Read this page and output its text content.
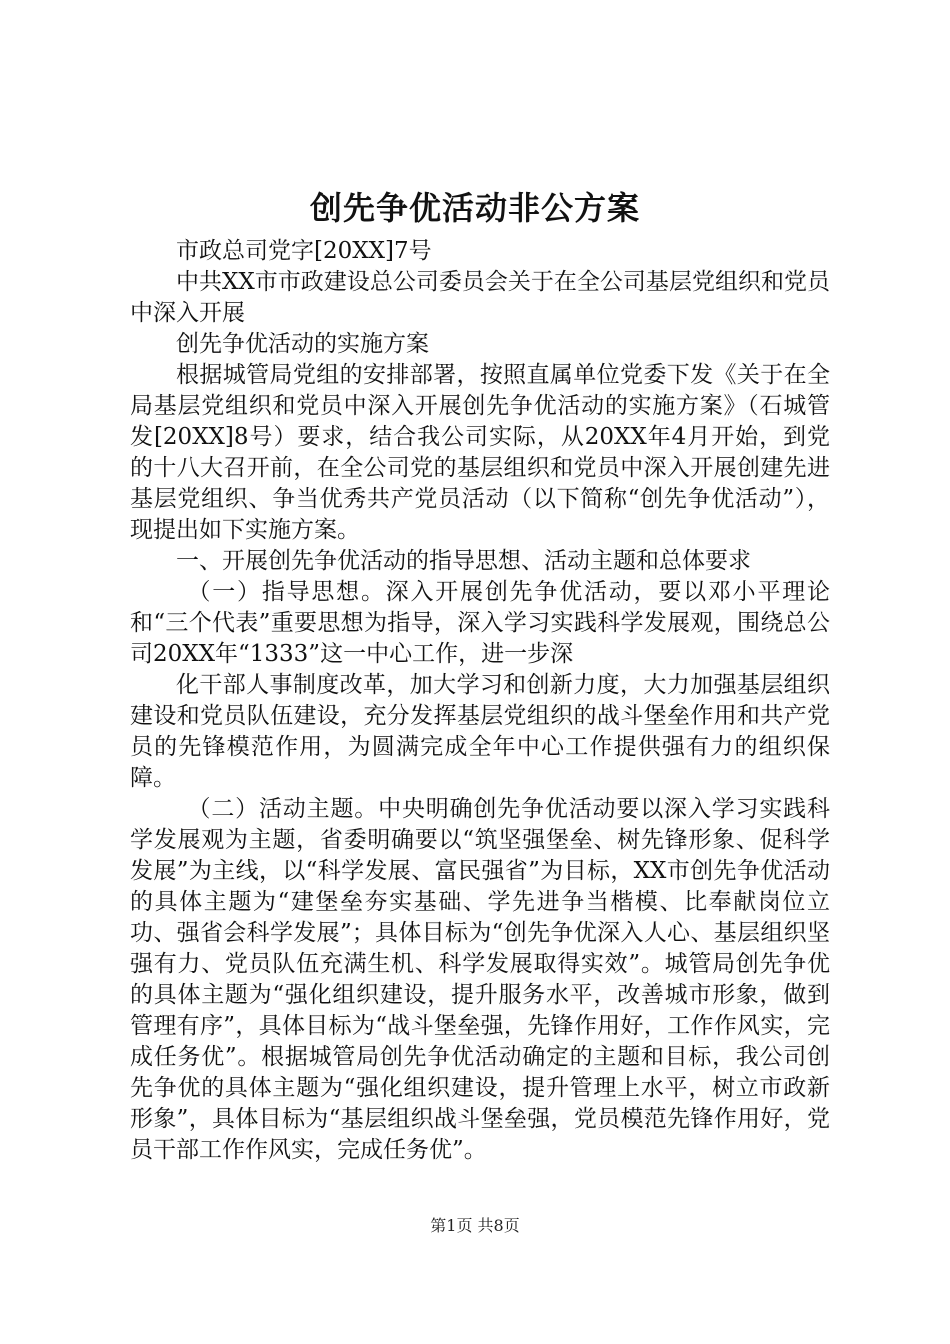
创先争优活动非公方案

市政总司党字[20XX]7号

中共XX市市政建设总公司委员会关于在全公司基层党组织和党员中深入开展

创先争优活动的实施方案

根据城管局党组的安排部署，按照直属单位党委下发《关于在全局基层党组织和党员中深入开展创先争优活动的实施方案》（石城管发[20XX]8号）要求，结合我公司实际，从20XX年4月开始，到党的十八大召开前，在全公司党的基层组织和党员中深入开展创建先进基层党组织、争当优秀共产党员活动（以下简称“创先争优活动”），现提出如下实施方案。

一、开展创先争优活动的指导思想、活动主题和总体要求

（一）指导思想。深入开展创先争优活动，要以邓小平理论和“三个代表”重要思想为指导，深入学习实践科学发展观，围绕总公司20XX年“1333”这一中心工作，进一步深

化干部人事制度改革，加大学习和创新力度，大力加强基层组织建设和党员队伍建设，充分发挥基层党组织的战斗堡垒作用和共产党员的先锋模范作用，为圆满完成全年中心工作提供强有力的组织保障。

（二）活动主题。中央明确创先争优活动要以深入学习实践科学发展观为主题，省委明确要以“筑坚强堡垒、树先锋形象、促科学发展”为主线，以“科学发展、富民强省”为目标，XX市创先争优活动的具体主题为“建堡垒夯实基础、学先进争当楷模、比奉献岗位立功、强省会科学发展”；具体目标为“创先争优深入人心、基层组织坚强有力、党员队伍充满生机、科学发展取得实效”。城管局创先争优的具体主题为“强化组织建设，提升服务水平，改善城市形象，做到管理有序”，具体目标为“战斗堡垒强，先锋作用好，工作作风实，完成任务优”。根据城管局创先争优活动确定的主题和目标，我公司创先争优的具体主题为“强化组织建设，提升管理上水平，树立市政新形象”，具体目标为“基层组织战斗堡垒强，党员模范先锋作用好，党员干部工作作风实，完成任务优”。

第1页 共8页
